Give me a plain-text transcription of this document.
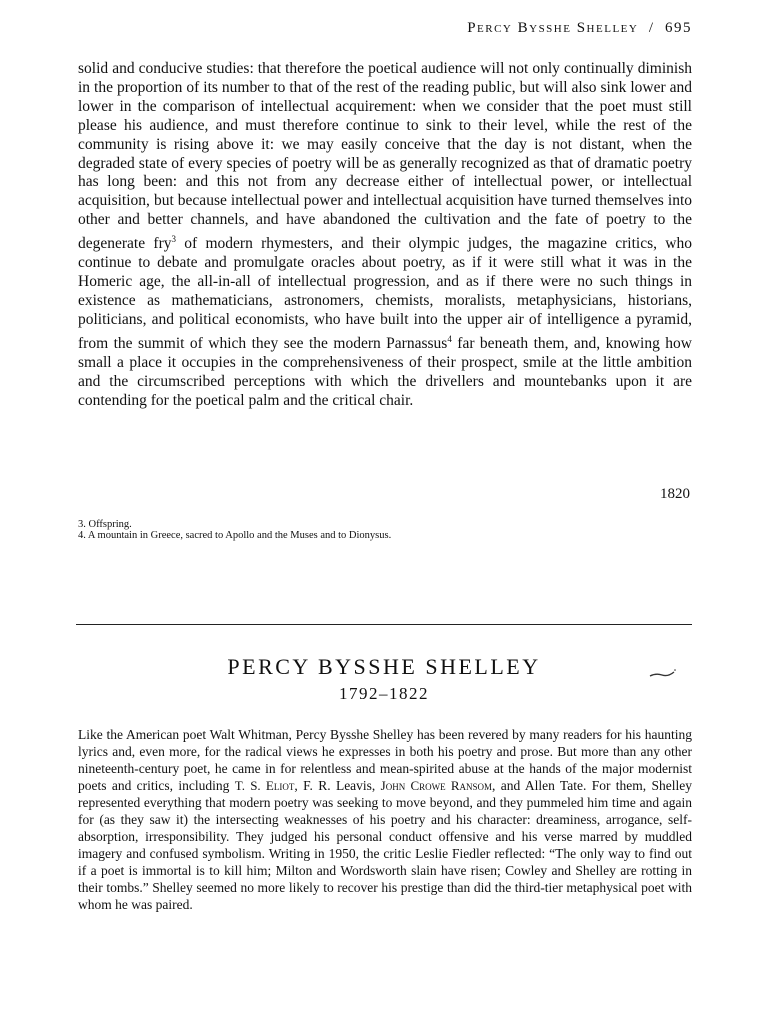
Percy Bysshe Shelley / 695
solid and conducive studies: that therefore the poetical audience will not only continually diminish in the proportion of its number to that of the rest of the reading public, but will also sink lower and lower in the comparison of intellectual acquirement: when we consider that the poet must still please his audience, and must therefore continue to sink to their level, while the rest of the community is rising above it: we may easily conceive that the day is not distant, when the degraded state of every species of poetry will be as generally recognized as that of dramatic poetry has long been: and this not from any decrease either of intellectual power, or intellectual acquisition, but because intellectual power and intellectual acquisition have turned themselves into other and better channels, and have abandoned the cultivation and the fate of poetry to the degenerate fry$^3$ of modern rhymesters, and their olympic judges, the magazine critics, who continue to debate and promulgate oracles about poetry, as if it were still what it was in the Homeric age, the all-in-all of intellectual progression, and as if there were no such things in existence as mathematicians, astronomers, chemists, moralists, metaphysicians, historians, politicians, and political economists, who have built into the upper air of intelligence a pyramid, from the summit of which they see the modern Parnassus$^4$ far beneath them, and, knowing how small a place it occupies in the comprehensiveness of their prospect, smile at the little ambition and the circumscribed perceptions with which the drivellers and mountebanks upon it are contending for the poetical palm and the critical chair.
1820
3. Offspring.
4. A mountain in Greece, sacred to Apollo and the Muses and to Dionysus.
PERCY BYSSHE SHELLEY
1792–1822
Like the American poet Walt Whitman, Percy Bysshe Shelley has been revered by many readers for his haunting lyrics and, even more, for the radical views he expresses in both his poetry and prose. But more than any other nineteenth-century poet, he came in for relentless and mean-spirited abuse at the hands of the major modernist poets and critics, including T. S. Eliot, F. R. Leavis, John Crowe Ransom, and Allen Tate. For them, Shelley represented everything that modern poetry was seeking to move beyond, and they pummeled him time and again for (as they saw it) the intersecting weaknesses of his poetry and his character: dreaminess, arrogance, self-absorption, irresponsibility. They judged his personal conduct offensive and his verse marred by muddled imagery and confused symbolism. Writing in 1950, the critic Leslie Fiedler reflected: “The only way to find out if a poet is immortal is to kill him; Milton and Wordsworth slain have risen; Cowley and Shelley are rotting in their tombs.” Shelley seemed no more likely to recover his prestige than did the third-tier metaphysical poet with whom he was paired.
